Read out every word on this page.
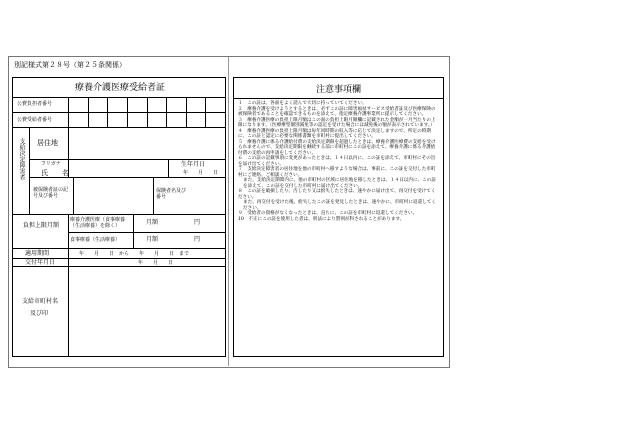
別記様式第２８号（第２５条関係）
療養介護医療受給者証
公費負担者番号
公費受給者番号
支給決定障害者 居住地
フリガナ	生年月日
氏　　名	年　　月　　日
被保険者証の記号及び番号
保険者名及び番号
負担上限月額
療養介護医療（食事療養（生活療養）を除く）	月額　　　　　　円
食事療養（生活療養）	月額　　　　　　円
適用期間	年　　月　　日　から　　年　　月　　日　まで
交付年月日	年　　月　　日
支給市町村名
及び印
注意事項欄

１　この証は、各面をよく読んで大切に持っていてください。

２　療養介護を受けようとするときは、必ずこの証に障害福祉サービス受給者証及び医療保険の被保険者であることを確認できるものを添えて、指定療養介護事業所に提示してください。

３　療養介護医療の負担上限月額はこの面の負担上限月額欄に記載された金額が一月当たりの上限になります。（医療療型個別減免等の認定を受けた場合には減免後の額が表示されています。）

４　療養介護医療の負担上限月額は毎年同時期の収入等に応じて決定しますので、所定の時期に、この証と認定に必要な関係書類を市町村に提出してください。

５　療養介護に係る介護給付費の支給決定期限を超過したときは、療養介護医療費の支給を受けられませんので、支給決定期限を継続する前に市町村にこの証を添えて、療養介護に係る介護給付費の支給の再申請をしてください。

６　この証の記載事項に変更があったときは、１４日以内に、この証を添えて、市町村にその旨を届け出てください。

７　支給決定障害者の居住地を他の市町村へ移すような場合は、事前に、この証を交付した市町村にご連絡、ご相談ください。

また、支給決定期間内に、他の市町村の区域に居住地を移したときは、１４日以内に、この証を添えて、この証を交付した市町村に届け出てください。

８　この証を破損したり、汚したり又は紛失したときは、速やかに届け出て、再交付を受けてください。

また、再交付を受けた後、紛失したこの証を発見したときは、速やかに、市町村に返還してください。

９　受給者の資格がなくなったときは、直ちに、この証を市町村に返還してください。

10　不正にこの証を使用した者は、刑法により罰則が科されることがあります。
